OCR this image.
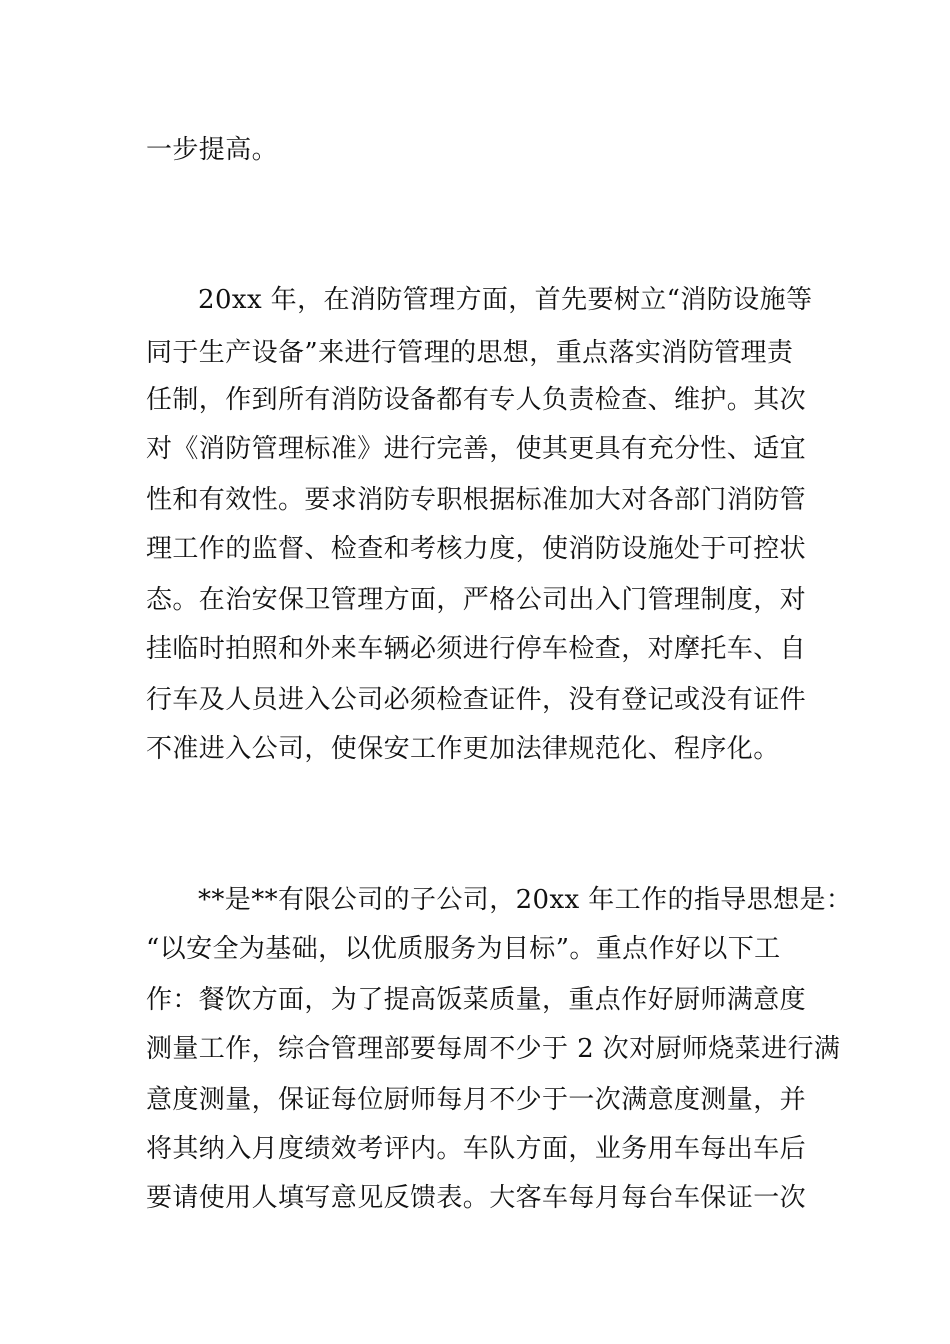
一步提高。
20xx 年，在消防管理方面，首先要树立“消防设施等
同于生产设备”来进行管理的思想，重点落实消防管理责
任制，作到所有消防设备都有专人负责检查、维护。其次
对《消防管理标准》进行完善，使其更具有充分性、适宜
性和有效性。要求消防专职根据标准加大对各部门消防管
理工作的监督、检查和考核力度，使消防设施处于可控状
态。在治安保卫管理方面，严格公司出入门管理制度，对
挂临时拍照和外来车辆必须进行停车检查，对摩托车、自
行车及人员进入公司必须检查证件，没有登记或没有证件
不准进入公司，使保安工作更加法律规范化、程序化。
**是**有限公司的子公司，20xx 年工作的指导思想是：
“以安全为基础，以优质服务为目标”。重点作好以下工
作：餐饮方面，为了提高饭菜质量，重点作好厨师满意度
测量工作，综合管理部要每周不少于 2 次对厨师烧菜进行满
意度测量，保证每位厨师每月不少于一次满意度测量，并
将其纳入月度绩效考评内。车队方面，业务用车每出车后
要请使用人填写意见反馈表。大客车每月每台车保证一次
